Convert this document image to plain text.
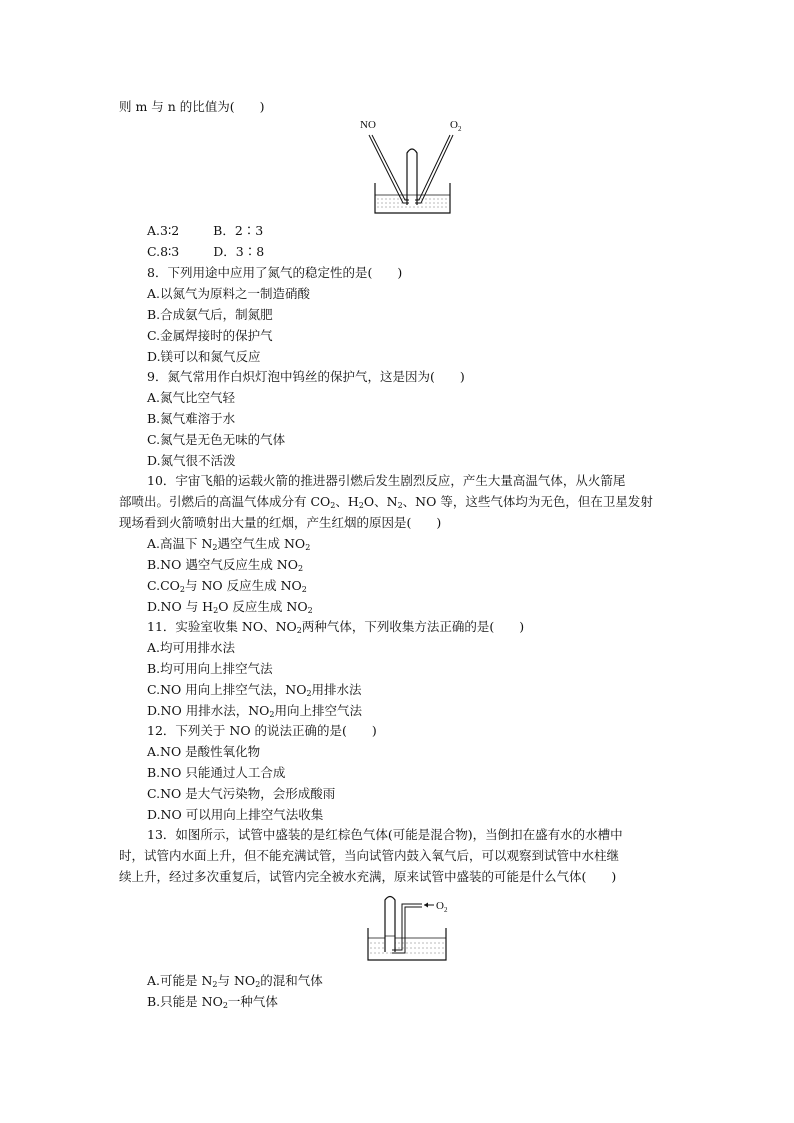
则 m 与 n 的比值为(　　)
NO	$O_2$
A.3∶2	B．2∶3
C.8∶3	D．3∶8
8．下列用途中应用了氮气的稳定性的是(　　)
A.以氮气为原料之一制造硝酸
B.合成氨气后，制氮肥
C.金属焊接时的保护气
D.镁可以和氮气反应
9．氮气常用作白炽灯泡中钨丝的保护气，这是因为(　　)
A.氮气比空气轻
B.氮气难溶于水
C.氮气是无色无味的气体
D.氮气很不活泼
10．宇宙飞船的运载火箭的推进器引燃后发生剧烈反应，产生大量高温气体，从火箭尾
部喷出。引燃后的高温气体成分有 $CO_2$、$H_2O$、$N_2$、NO 等，这些气体均为无色，但在卫星发射
现场看到火箭喷射出大量的红烟，产生红烟的原因是(　　)
A.高温下 $N_2$遇空气生成 $NO_2$
B.NO 遇空气反应生成 $NO_2$
$C.CO_2$与 NO 反应生成 $NO_2$
D.NO 与 $H_2O$ 反应生成 $NO_2$
11．实验室收集 NO、$NO_2$两种气体，下列收集方法正确的是(　　)
A.均可用排水法
B.均可用向上排空气法
C.NO 用向上排空气法，$NO_2$用排水法
D.NO 用排水法，$NO_2$用向上排空气法
12．下列关于 NO 的说法正确的是(　　)
A.NO 是酸性氧化物
B.NO 只能通过人工合成
C.NO 是大气污染物，会形成酸雨
D.NO 可以用向上排空气法收集
13．如图所示，试管中盛装的是红棕色气体(可能是混合物)，当倒扣在盛有水的水槽中
时，试管内水面上升，但不能充满试管，当向试管内鼓入氧气后，可以观察到试管中水柱继
续上升，经过多次重复后，试管内完全被水充满，原来试管中盛装的可能是什么气体(　　)
$O_2$
A.可能是 $N_2$与 $NO_2$的混和气体
B.只能是 $NO_2$一种气体
